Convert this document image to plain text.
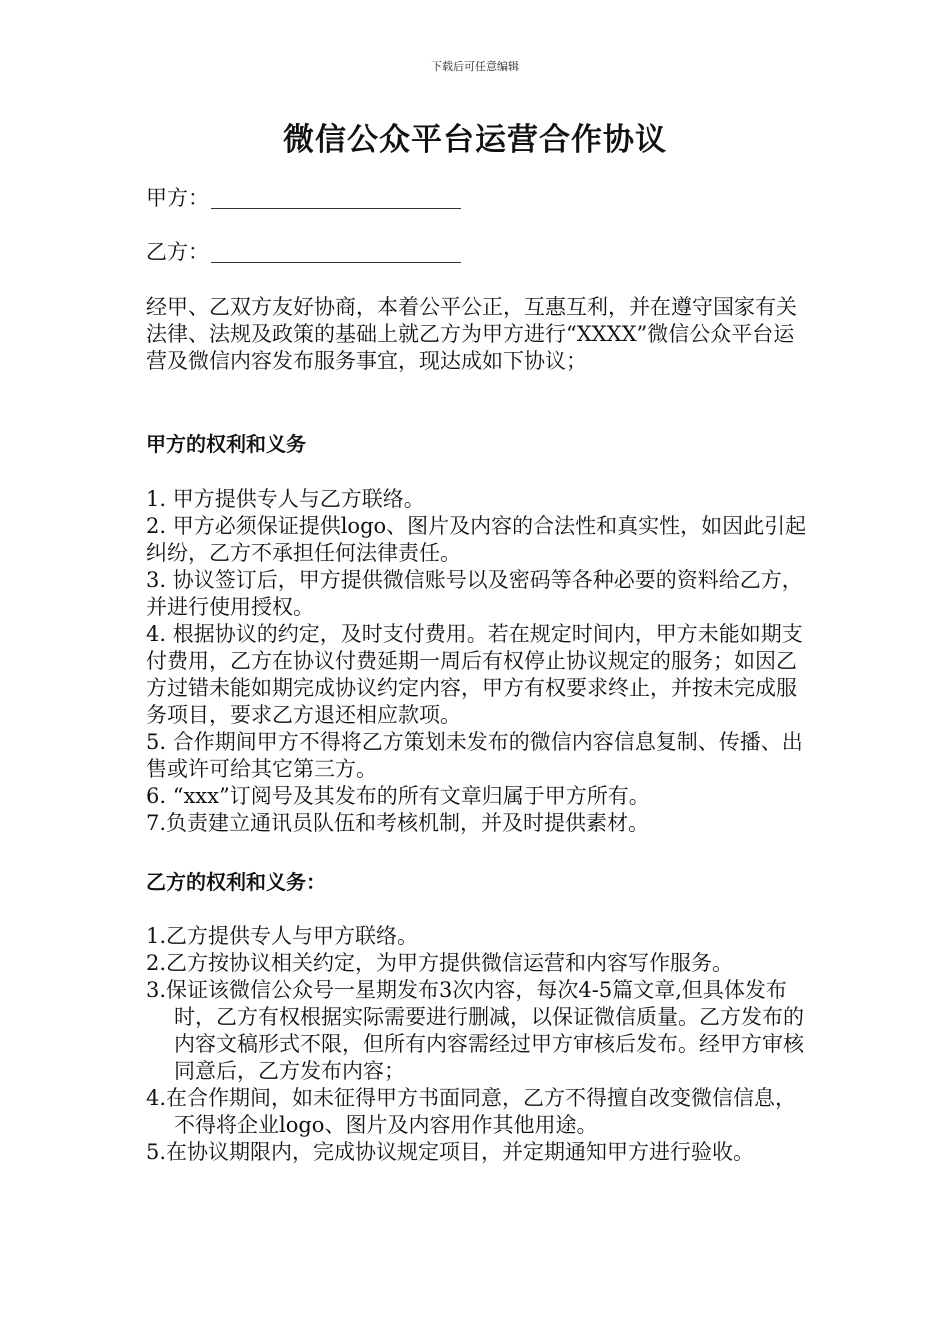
下载后可任意编辑
微信公众平台运营合作协议
甲方：
乙方：

经甲、乙双方友好协商，本着公平公正，互惠互利，并在遵守国家有关法律、法规及政策的基础上就乙方为甲方进行“XXXX”微信公众平台运营及微信内容发布服务事宜，现达成如下协议；

甲方的权利和义务
1. 甲方提供专人与乙方联络。
2. 甲方必须保证提供logo、图片及内容的合法性和真实性，如因此引起纠纷，乙方不承担任何法律责任。
3. 协议签订后，甲方提供微信账号以及密码等各种必要的资料给乙方，并进行使用授权。
4. 根据协议的约定，及时支付费用。若在规定时间内，甲方未能如期支付费用，乙方在协议付费延期一周后有权停止协议规定的服务；如因乙方过错未能如期完成协议约定内容，甲方有权要求终止，并按未完成服务项目，要求乙方退还相应款项。
5. 合作期间甲方不得将乙方策划未发布的微信内容信息复制、传播、出售或许可给其它第三方。
6. “xxx”订阅号及其发布的所有文章归属于甲方所有。
7.负责建立通讯员队伍和考核机制，并及时提供素材。
乙方的权利和义务：
1.乙方提供专人与甲方联络。
2.乙方按协议相关约定，为甲方提供微信运营和内容写作服务。
3.保证该微信公众号一星期发布3次内容，每次4-5篇文章,但具体发布时，乙方有权根据实际需要进行删减，以保证微信质量。乙方发布的内容文稿形式不限，但所有内容需经过甲方审核后发布。经甲方审核同意后，乙方发布内容；
4.在合作期间，如未征得甲方书面同意，乙方不得擅自改变微信信息，不得将企业logo、图片及内容用作其他用途。
5.在协议期限内，完成协议规定项目，并定期通知甲方进行验收。
